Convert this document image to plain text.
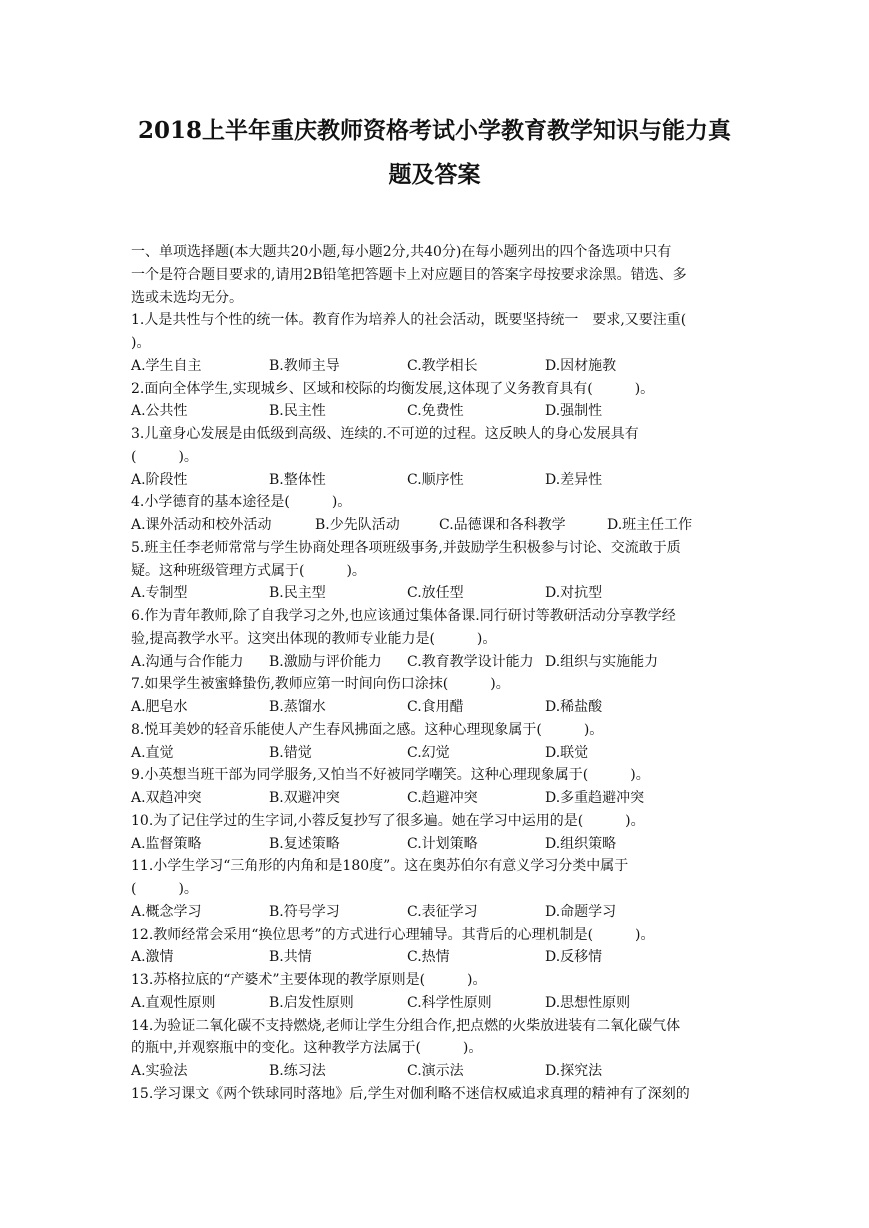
2018上半年重庆教师资格考试小学教育教学知识与能力真
题及答案
一、单项选择题(本大题共20小题,每小题2分,共40分)在每小题列出的四个备选项中只有
一个是符合题目要求的,请用2B铅笔把答题卡上对应题目的答案字母按要求涂黑。错选、多
选或未选均无分。
1.人是共性与个性的统一体。教育作为培养人的社会活动，既要坚持统一　要求,又要注重(
)。
A.学生自主	B.教师主导	C.教学相长	D.因材施教
2.面向全体学生,实现城乡、区域和校际的均衡发展,这体现了义务教育具有(　　　)。
A.公共性	B.民主性	C.免费性	D.强制性
3.儿童身心发展是由低级到高级、连续的.不可逆的过程。这反映人的身心发展具有
(　　　)。
A.阶段性	B.整体性	C.顺序性	D.差异性
4.小学德育的基本途径是(　　　)。
A.课外活动和校外活动	B.少先队活动	C.品德课和各科教学	D.班主任工作
5.班主任李老师常常与学生协商处理各项班级事务,并鼓励学生积极参与讨论、交流敢于质
疑。这种班级管理方式属于(　　　)。
A.专制型	B.民主型	C.放任型	D.对抗型
6.作为青年教师,除了自我学习之外,也应该通过集体备课.同行研讨等教研活动分享教学经
验,提高教学水平。这突出体现的教师专业能力是(　　　)。
A.沟通与合作能力	B.激励与评价能力	C.教育教学设计能力 D.组织与实施能力
7.如果学生被蜜蜂蛰伤,教师应第一时间向伤口涂抹(　　　)。
A.肥皂水	B.蒸馏水	C.食用醋	D.稀盐酸
8.悦耳美妙的轻音乐能使人产生春风拂面之感。这种心理现象属于(　　　)。
A.直觉	B.错觉	C.幻觉	D.联觉
9.小英想当班干部为同学服务,又怕当不好被同学嘲笑。这种心理现象属于(　　　)。
A.双趋冲突	B.双避冲突	C.趋避冲突	D.多重趋避冲突
10.为了记住学过的生字词,小蓉反复抄写了很多遍。她在学习中运用的是(　　　)。
A.监督策略	B.复述策略	C.计划策略	D.组织策略
11.小学生学习“三角形的内角和是180度”。这在奥苏伯尔有意义学习分类中属于
(　　　)。
A.概念学习	B.符号学习	C.表征学习	D.命题学习
12.教师经常会采用“换位思考”的方式进行心理辅导。其背后的心理机制是(　　　)。
A.激情	B.共情	C.热情	D.反移情
13.苏格拉底的“产婆术”主要体现的教学原则是(　　　)。
A.直观性原则	B.启发性原则	C.科学性原则	D.思想性原则
14.为验证二氧化碳不支持燃烧,老师让学生分组合作,把点燃的火柴放进装有二氧化碳气体
的瓶中,并观察瓶中的变化。这种教学方法属于(　　　)。
A.实验法	B.练习法	C.演示法	D.探究法
15.学习课文《两个铁球同时落地》后,学生对伽利略不迷信权威追求真理的精神有了深刻的
